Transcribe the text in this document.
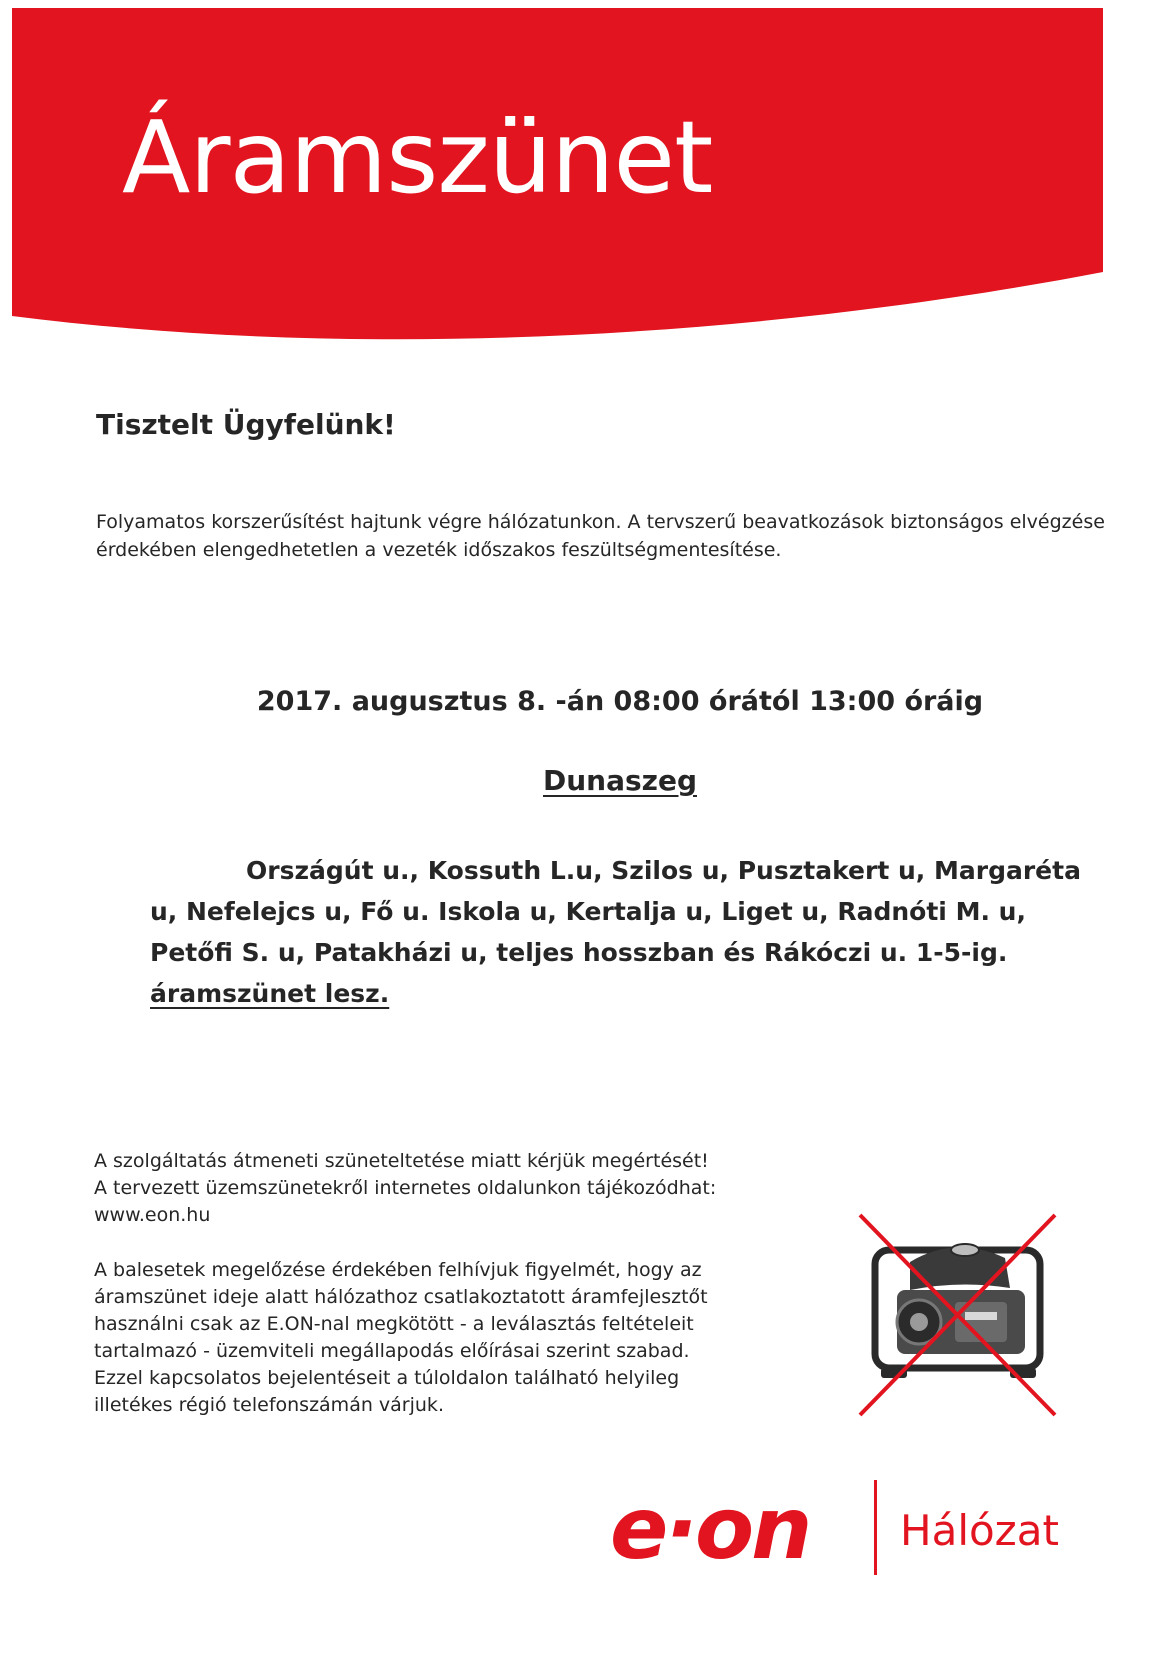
Áramszünet
Tisztelt Ügyfelünk!

Folyamatos korszerűsítést hajtunk végre hálózatunkon. A tervszerű beavatkozások biztonságos elvégzése érdekében elengedhetetlen a vezeték időszakos feszültségmentesítése.

2017. augusztus 8. -án 08:00 órától 13:00 óráig

Dunaszeg

Országút u., Kossuth L.u, Szilos u, Pusztakert u, Margaréta u, Nefelejcs u, Fő u. Iskola u, Kertalja u, Liget u, Radnóti M. u, Petőfi S. u, Patakházi u, teljes hosszban és Rákóczi u. 1-5-ig. áramszünet lesz.

A szolgáltatás átmeneti szüneteltetése miatt kérjük megértését!
A tervezett üzemszünetekről internetes oldalunkon tájékozódhat:
www.eon.hu

A balesetek megelőzése érdekében felhívjuk figyelmét, hogy az
áramszünet ideje alatt hálózathoz csatlakoztatott áramfejlesztőt
használni csak az E.ON-nal megkötött - a leválasztás feltételeit
tartalmazó - üzemviteli megállapodás előírásai szerint szabad.
Ezzel kapcsolatos bejelentéseit a túloldalon található helyileg
illetékes régió telefonszámán várjuk.

e·on Hálózat
